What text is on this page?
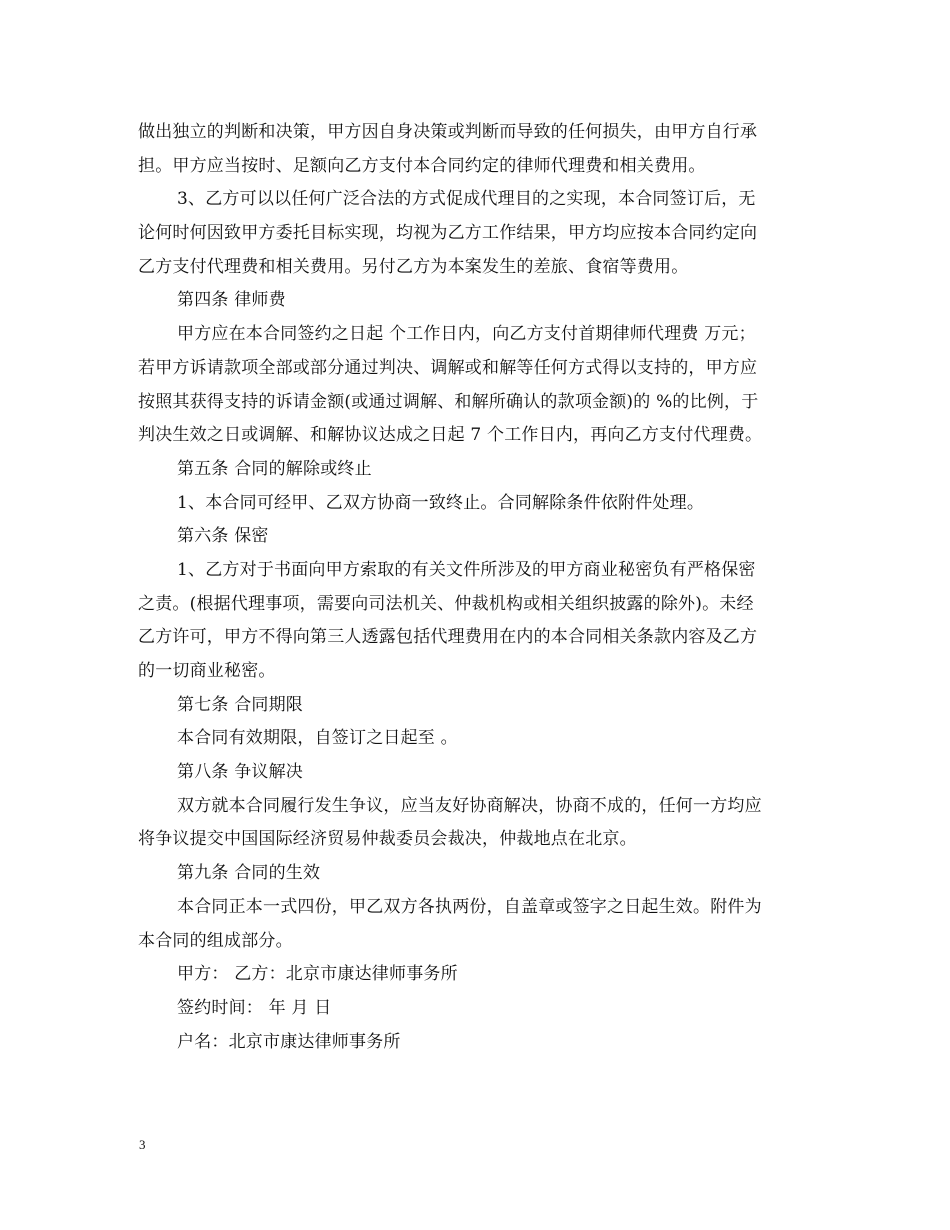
做出独立的判断和决策，甲方因自身决策或判断而导致的任何损失，由甲方自行承
担。甲方应当按时、足额向乙方支付本合同约定的律师代理费和相关费用。
3、乙方可以以任何广泛合法的方式促成代理目的之实现，本合同签订后，无
论何时何因致甲方委托目标实现，均视为乙方工作结果，甲方均应按本合同约定向
乙方支付代理费和相关费用。另付乙方为本案发生的差旅、食宿等费用。
第四条 律师费
甲方应在本合同签约之日起 个工作日内，向乙方支付首期律师代理费 万元；
若甲方诉请款项全部或部分通过判决、调解或和解等任何方式得以支持的，甲方应
按照其获得支持的诉请金额(或通过调解、和解所确认的款项金额)的 %的比例，于
判决生效之日或调解、和解协议达成之日起 7 个工作日内，再向乙方支付代理费。
第五条 合同的解除或终止
1、本合同可经甲、乙双方协商一致终止。合同解除条件依附件处理。
第六条 保密
1、乙方对于书面向甲方索取的有关文件所涉及的甲方商业秘密负有严格保密
之责。(根据代理事项，需要向司法机关、仲裁机构或相关组织披露的除外)。未经
乙方许可，甲方不得向第三人透露包括代理费用在内的本合同相关条款内容及乙方
的一切商业秘密。
第七条 合同期限
本合同有效期限，自签订之日起至 。
第八条 争议解决
双方就本合同履行发生争议，应当友好协商解决，协商不成的，任何一方均应
将争议提交中国国际经济贸易仲裁委员会裁决，仲裁地点在北京。
第九条 合同的生效
本合同正本一式四份，甲乙双方各执两份，自盖章或签字之日起生效。附件为
本合同的组成部分。
甲方： 乙方：北京市康达律师事务所
签约时间： 年 月 日
户名：北京市康达律师事务所
3
